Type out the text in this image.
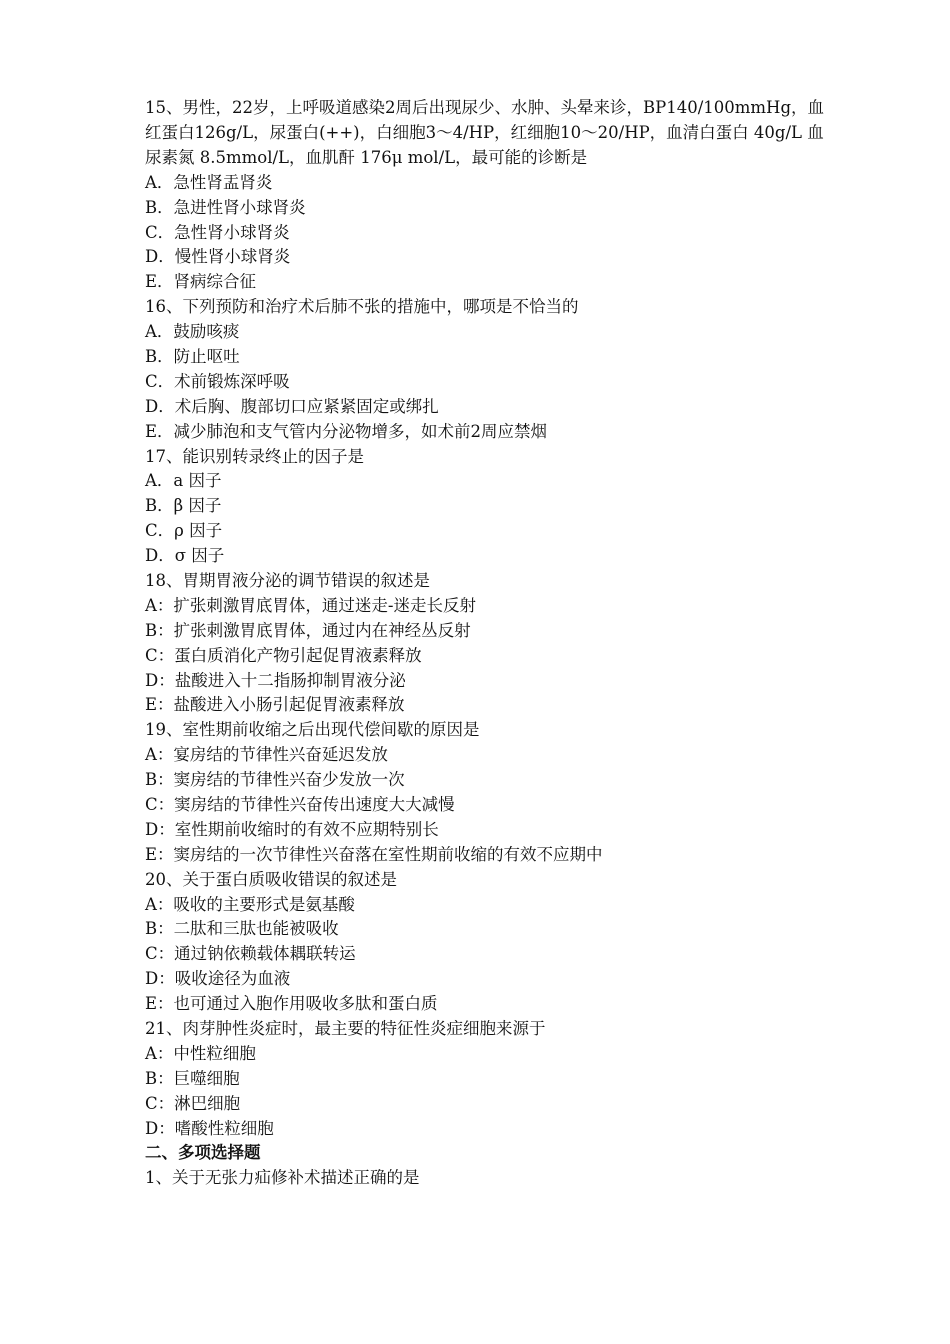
15、男性，22岁，上呼吸道感染2周后出现尿少、水肿、头晕来诊，BP140/100mmHg，血红蛋白126g/L，尿蛋白(++)，白细胞3～4/HP，红细胞10～20/HP，血清白蛋白 40g/L 血尿素氮 8.5mmol/L，血肌酐 176μ mol/L，最可能的诊断是
A．急性肾盂肾炎
B．急进性肾小球肾炎
C．急性肾小球肾炎
D．慢性肾小球肾炎
E．肾病综合征
16、下列预防和治疗术后肺不张的措施中，哪项是不恰当的
A．鼓励咳痰
B．防止呕吐
C．术前锻炼深呼吸
D．术后胸、腹部切口应紧紧固定或绑扎
E．减少肺泡和支气管内分泌物增多，如术前2周应禁烟
17、能识别转录终止的因子是
A．a 因子
B．β 因子
C．ρ 因子
D．σ 因子
18、胃期胃液分泌的调节错误的叙述是
A：扩张刺激胃底胃体，通过迷走-迷走长反射
B：扩张刺激胃底胃体，通过内在神经丛反射
C：蛋白质消化产物引起促胃液素释放
D：盐酸进入十二指肠抑制胃液分泌
E：盐酸进入小肠引起促胃液素释放
19、室性期前收缩之后出现代偿间歇的原因是
A：宴房结的节律性兴奋延迟发放
B：窦房结的节律性兴奋少发放一次
C：窦房结的节律性兴奋传出速度大大减慢
D：室性期前收缩时的有效不应期特别长
E：窦房结的一次节律性兴奋落在室性期前收缩的有效不应期中
20、关于蛋白质吸收错误的叙述是
A：吸收的主要形式是氨基酸
B：二肽和三肽也能被吸收
C：通过钠依赖载体耦联转运
D：吸收途径为血液
E：也可通过入胞作用吸收多肽和蛋白质
21、肉芽肿性炎症时，最主要的特征性炎症细胞来源于
A：中性粒细胞
B：巨噬细胞
C：淋巴细胞
D：嗜酸性粒细胞
二、多项选择题
1、关于无张力疝修补术描述正确的是
